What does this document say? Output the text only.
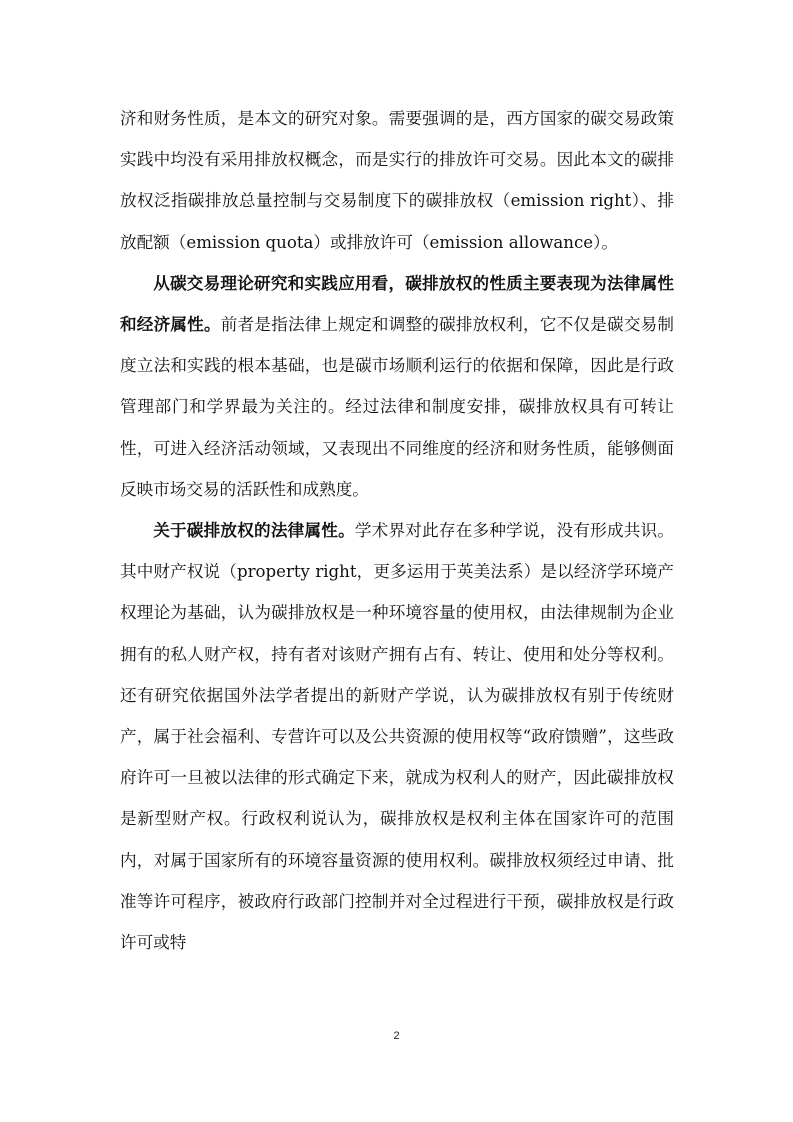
济和财务性质，是本文的研究对象。需要强调的是，西方国家的碳交易政策实践中均没有采用排放权概念，而是实行的排放许可交易。因此本文的碳排放权泛指碳排放总量控制与交易制度下的碳排放权（emission right）、排放配额（emission quota）或排放许可（emission allowance）。

从碳交易理论研究和实践应用看，碳排放权的性质主要表现为法律属性和经济属性。前者是指法律上规定和调整的碳排放权利，它不仅是碳交易制度立法和实践的根本基础，也是碳市场顺利运行的依据和保障，因此是行政管理部门和学界最为关注的。经过法律和制度安排，碳排放权具有可转让性，可进入经济活动领域，又表现出不同维度的经济和财务性质，能够侧面反映市场交易的活跃性和成熟度。

关于碳排放权的法律属性。学术界对此存在多种学说，没有形成共识。其中财产权说（property right，更多运用于英美法系）是以经济学环境产权理论为基础，认为碳排放权是一种环境容量的使用权，由法律规制为企业拥有的私人财产权，持有者对该财产拥有占有、转让、使用和处分等权利。还有研究依据国外法学者提出的新财产学说，认为碳排放权有别于传统财产，属于社会福利、专营许可以及公共资源的使用权等“政府馈赠”，这些政府许可一旦被以法律的形式确定下来，就成为权利人的财产，因此碳排放权是新型财产权。行政权利说认为，碳排放权是权利主体在国家许可的范围内，对属于国家所有的环境容量资源的使用权利。碳排放权须经过申请、批准等许可程序，被政府行政部门控制并对全过程进行干预，碳排放权是行政许可或特

2
